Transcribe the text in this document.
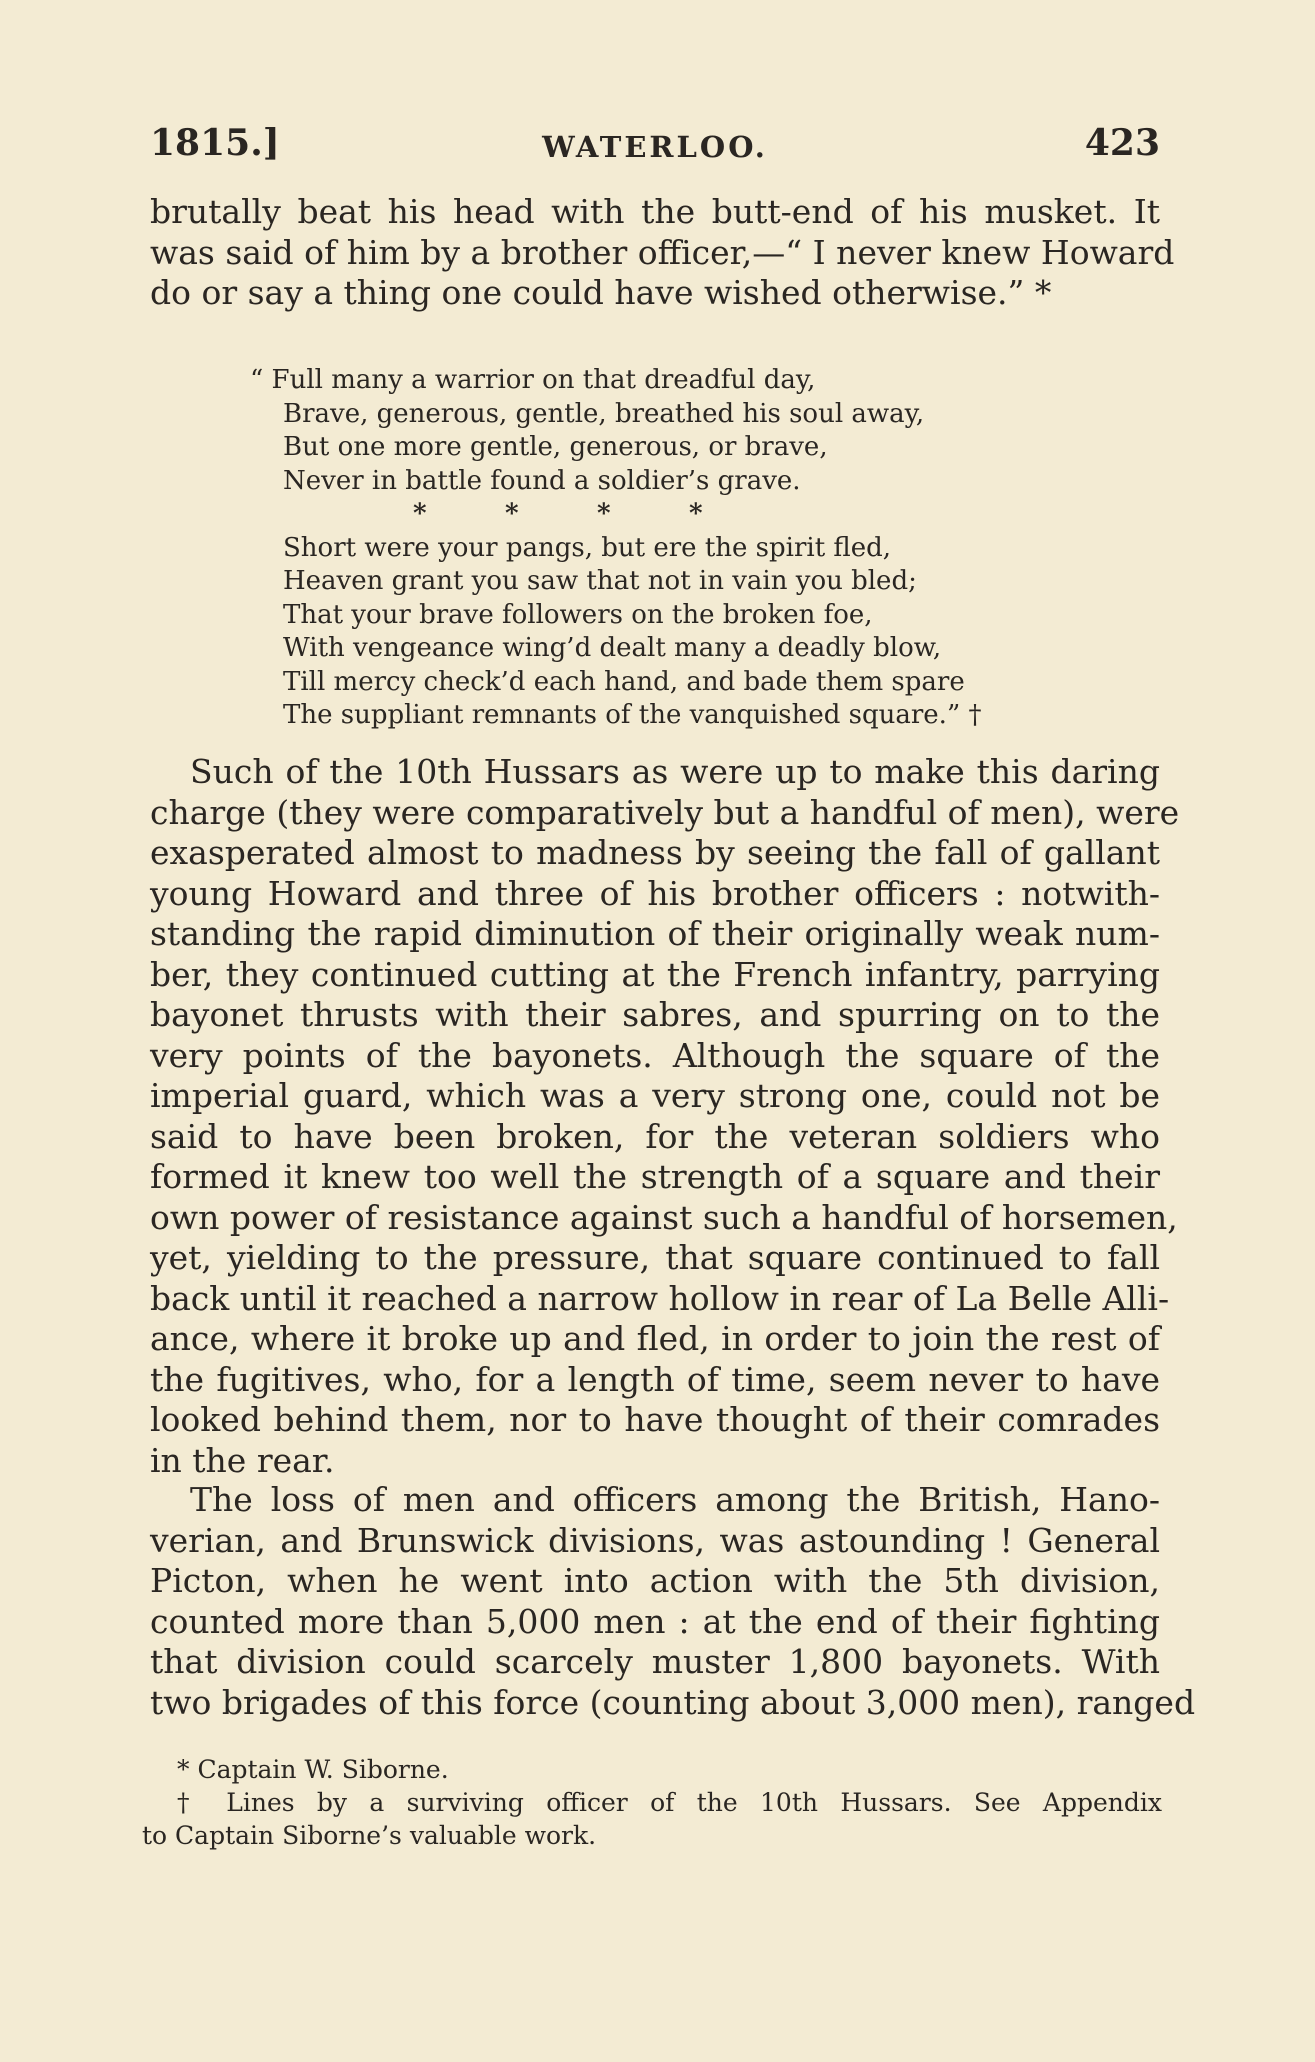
1815.]	WATERLOO.	423
brutally beat his head with the butt-end of his musket. It
was said of him by a brother officer,—“ I never knew Howard
do or say a thing one could have wished otherwise.” *
“ Full many a warrior on that dreadful day,
Brave, generous, gentle, breathed his soul away,
But one more gentle, generous, or brave,
Never in battle found a soldier’s grave.
*	*	*	*
Short were your pangs, but ere the spirit fled,
Heaven grant you saw that not in vain you bled;
That your brave followers on the broken foe,
With vengeance wing’d dealt many a deadly blow,
Till mercy check’d each hand, and bade them spare
The suppliant remnants of the vanquished square.” †
Such of the 10th Hussars as were up to make this daring
charge (they were comparatively but a handful of men), were
exasperated almost to madness by seeing the fall of gallant
young Howard and three of his brother officers : notwith-
standing the rapid diminution of their originally weak num-
ber, they continued cutting at the French infantry, parrying
bayonet thrusts with their sabres, and spurring on to the
very points of the bayonets. Although the square of the
imperial guard, which was a very strong one, could not be
said to have been broken, for the veteran soldiers who
formed it knew too well the strength of a square and their
own power of resistance against such a handful of horsemen,
yet, yielding to the pressure, that square continued to fall
back until it reached a narrow hollow in rear of La Belle Alli-
ance, where it broke up and fled, in order to join the rest of
the fugitives, who, for a length of time, seem never to have
looked behind them, nor to have thought of their comrades
in the rear.
The loss of men and officers among the British, Hano-
verian, and Brunswick divisions, was astounding ! General
Picton, when he went into action with the 5th division,
counted more than 5,000 men : at the end of their fighting
that division could scarcely muster 1,800 bayonets. With
two brigades of this force (counting about 3,000 men), ranged
* Captain W. Siborne.
† Lines by a surviving officer of the 10th Hussars. See Appendix
to Captain Siborne’s valuable work.
